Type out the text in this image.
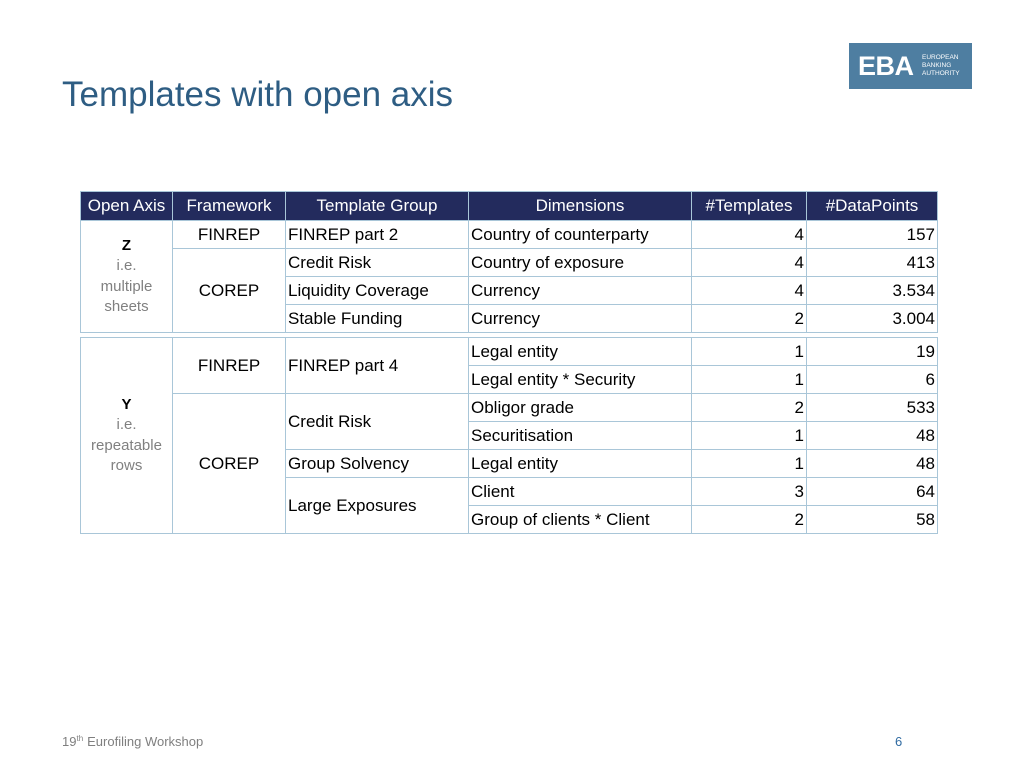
Templates with open axis
EBA EUROPEAN
BANKING
AUTHORITY
Open Axis	Framework	Template Group	Dimensions	#Templates	#DataPoints

Z
i.e. multiple sheets	FINREP	FINREP part 2	Country of counterparty	4	157
	COREP	Credit Risk	Country of exposure	4	413
		Liquidity Coverage	Currency	4	3.534
		Stable Funding	Currency	2	3.004
Y
i.e. repeatable rows	FINREP	FINREP part 4	Legal entity	1	19
			Legal entity * Security	1	6
	COREP	Credit Risk	Obligor grade	2	533
			Securitisation	1	48
		Group Solvency	Legal entity	1	48
		Large Exposures	Client	3	64
			Group of clients * Client	2	58
19th Eurofiling Workshop	6
